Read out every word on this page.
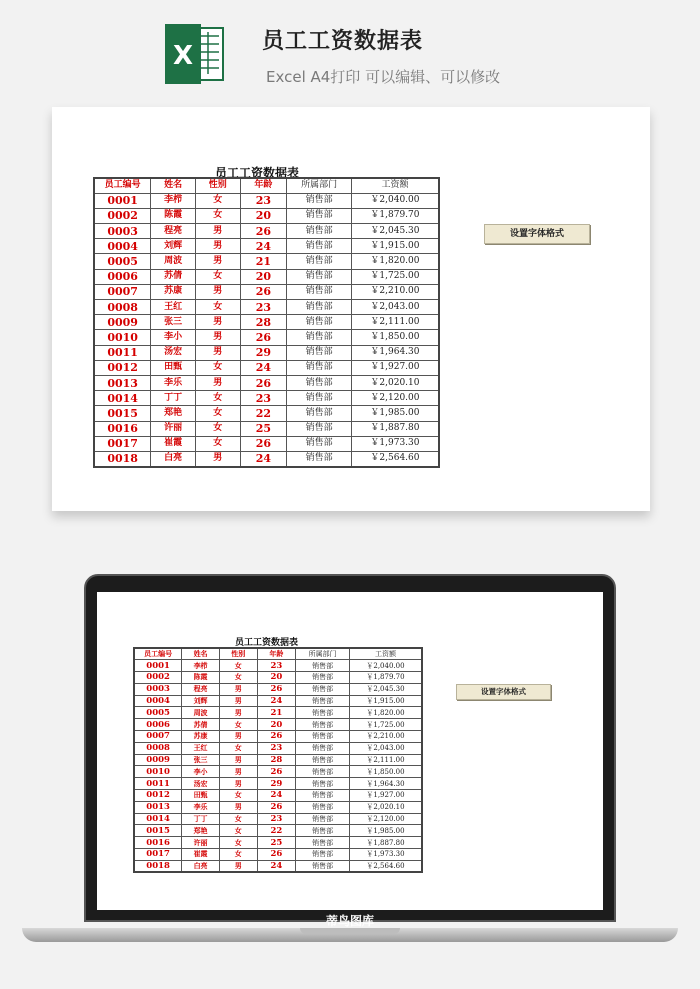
X	员工工资数据表
Excel A4打印 可以编辑、可以修改
员工工资数据表
员工编号	姓名	性别	年龄	所属部门	工资额
0001	李栉	女	23	销售部	￥2,040.00
0002	陈霞	女	20	销售部	￥1,879.70
0003	程亮	男	26	销售部	￥2,045.30
0004	刘辉	男	24	销售部	￥1,915.00
0005	周波	男	21	销售部	￥1,820.00
0006	苏倩	女	20	销售部	￥1,725.00
0007	苏康	男	26	销售部	￥2,210.00
0008	王红	女	23	销售部	￥2,043.00
0009	张三	男	28	销售部	￥2,111.00
0010	李小	男	26	销售部	￥1,850.00
0011	汤宏	男	29	销售部	￥1,964.30
0012	田甄	女	24	销售部	￥1,927.00
0013	李乐	男	26	销售部	￥2,020.10
0014	丁丁	女	23	销售部	￥2,120.00
0015	郑艳	女	22	销售部	￥1,985.00
0016	许丽	女	25	销售部	￥1,887.80
0017	崔霞	女	26	销售部	￥1,973.30
0018	白亮	男	24	销售部	￥2,564.60
设置字体格式
员工工资数据表
员工编号	姓名	性别	年龄	所属部门	工资额
0001	李栉	女	23	销售部	￥2,040.00
0002	陈霞	女	20	销售部	￥1,879.70
0003	程亮	男	26	销售部	￥2,045.30
0004	刘辉	男	24	销售部	￥1,915.00
0005	周波	男	21	销售部	￥1,820.00
0006	苏倩	女	20	销售部	￥1,725.00
0007	苏康	男	26	销售部	￥2,210.00
0008	王红	女	23	销售部	￥2,043.00
0009	张三	男	28	销售部	￥2,111.00
0010	李小	男	26	销售部	￥1,850.00
0011	汤宏	男	29	销售部	￥1,964.30
0012	田甄	女	24	销售部	￥1,927.00
0013	李乐	男	26	销售部	￥2,020.10
0014	丁丁	女	23	销售部	￥2,120.00
0015	郑艳	女	22	销售部	￥1,985.00
0016	许丽	女	25	销售部	￥1,887.80
0017	崔霞	女	26	销售部	￥1,973.30
0018	白亮	男	24	销售部	￥2,564.60
设置字体格式
蒂鸟图库
